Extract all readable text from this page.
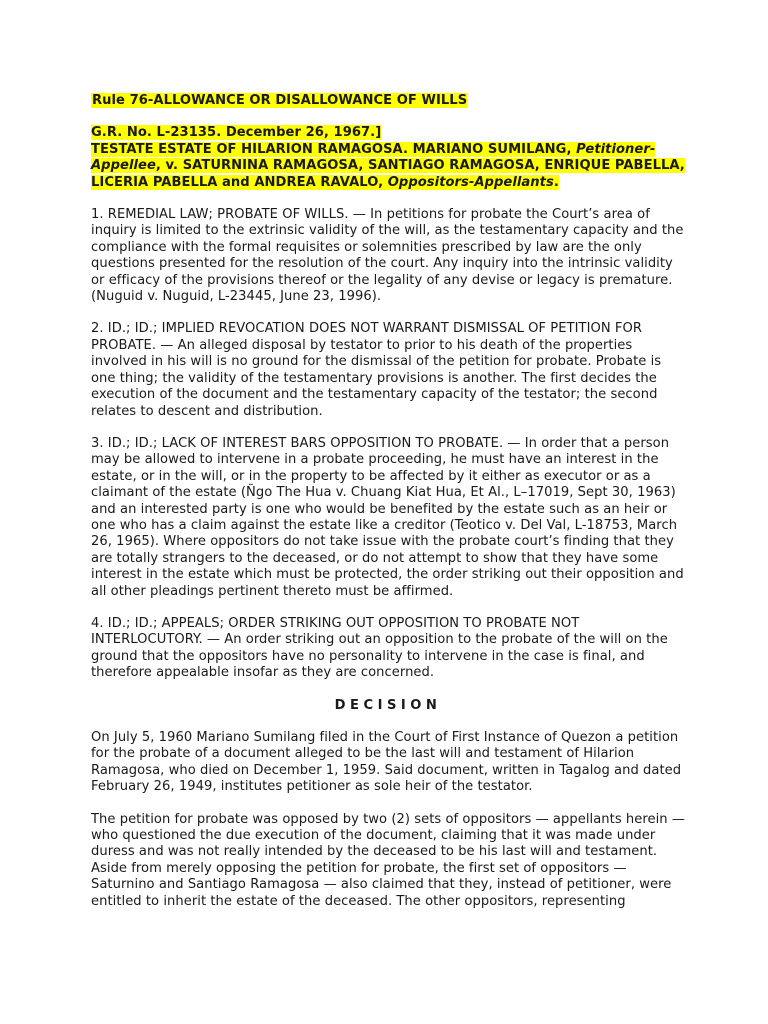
Rule 76-ALLOWANCE OR DISALLOWANCE OF WILLS

G.R. No. L-23135. December 26, 1967.]
TESTATE ESTATE OF HILARION RAMAGOSA. MARIANO SUMILANG, Petitioner-Appellee, v. SATURNINA RAMAGOSA, SANTIAGO RAMAGOSA, ENRIQUE PABELLA, LICERIA PABELLA and ANDREA RAVALO, Oppositors-Appellants.

1. REMEDIAL LAW; PROBATE OF WILLS. — In petitions for probate the Court’s area of inquiry is limited to the extrinsic validity of the will, as the testamentary capacity and the compliance with the formal requisites or solemnities prescribed by law are the only questions presented for the resolution of the court. Any inquiry into the intrinsic validity or efficacy of the provisions thereof or the legality of any devise or legacy is premature. (Nuguid v. Nuguid, L-23445, June 23, 1996).

2. ID.; ID.; IMPLIED REVOCATION DOES NOT WARRANT DISMISSAL OF PETITION FOR PROBATE. — An alleged disposal by testator to prior to his death of the properties involved in his will is no ground for the dismissal of the petition for probate. Probate is one thing; the validity of the testamentary provisions is another. The first decides the execution of the document and the testamentary capacity of the testator; the second relates to descent and distribution.

3. ID.; ID.; LACK OF INTEREST BARS OPPOSITION TO PROBATE. — In order that a person may be allowed to intervene in a probate proceeding, he must have an interest in the estate, or in the will, or in the property to be affected by it either as executor or as a claimant of the estate (Ñgo The Hua v. Chuang Kiat Hua, Et Al., L–17019, Sept 30, 1963) and an interested party is one who would be benefited by the estate such as an heir or one who has a claim against the estate like a creditor (Teotico v. Del Val, L-18753, March 26, 1965). Where oppositors do not take issue with the probate court’s finding that they are totally strangers to the deceased, or do not attempt to show that they have some interest in the estate which must be protected, the order striking out their opposition and all other pleadings pertinent thereto must be affirmed.

4. ID.; ID.; APPEALS; ORDER STRIKING OUT OPPOSITION TO PROBATE NOT INTERLOCUTORY. — An order striking out an opposition to the probate of the will on the ground that the oppositors have no personality to intervene in the case is final, and therefore appealable insofar as they are concerned.

DECISION

On July 5, 1960 Mariano Sumilang filed in the Court of First Instance of Quezon a petition for the probate of a document alleged to be the last will and testament of Hilarion Ramagosa, who died on December 1, 1959. Said document, written in Tagalog and dated February 26, 1949, institutes petitioner as sole heir of the testator.

The petition for probate was opposed by two (2) sets of oppositors — appellants herein — who questioned the due execution of the document, claiming that it was made under duress and was not really intended by the deceased to be his last will and testament. Aside from merely opposing the petition for probate, the first set of oppositors — Saturnino and Santiago Ramagosa — also claimed that they, instead of petitioner, were entitled to inherit the estate of the deceased. The other oppositors, representing
